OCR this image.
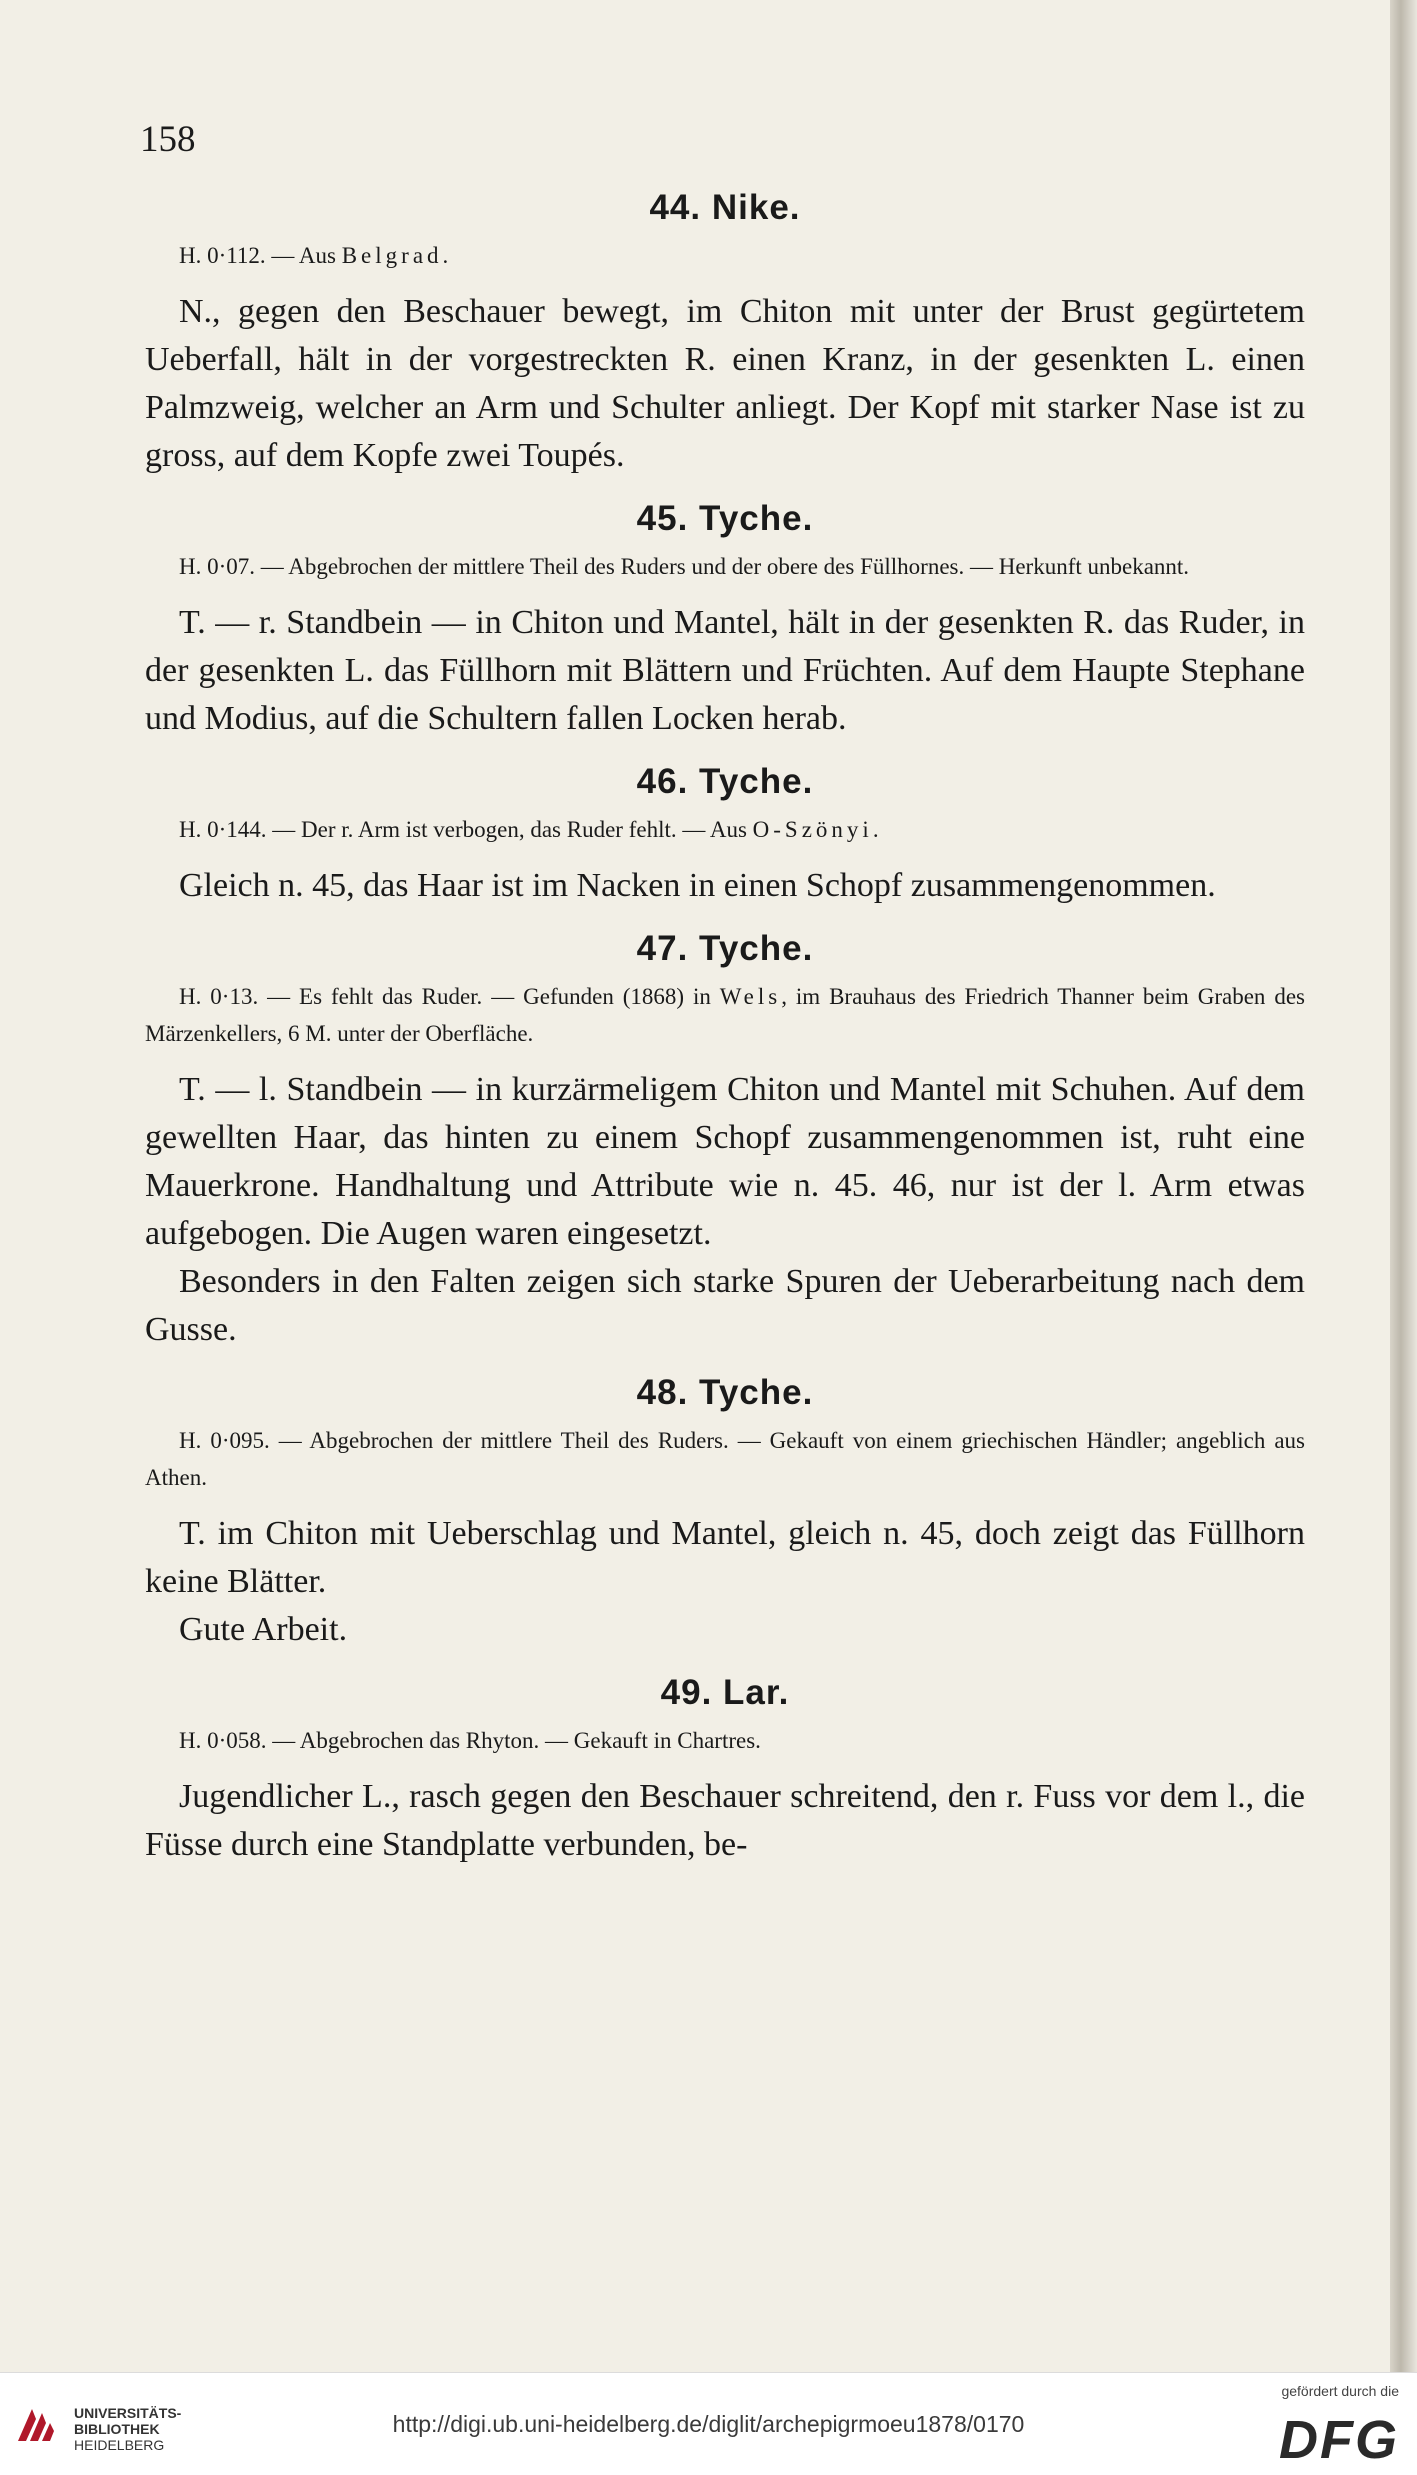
158
44. Nike.

H. 0·112. — Aus Belgrad.

N., gegen den Beschauer bewegt, im Chiton mit unter der Brust gegürtetem Ueberfall, hält in der vorgestreckten R. einen Kranz, in der gesenkten L. einen Palmzweig, welcher an Arm und Schulter anliegt. Der Kopf mit starker Nase ist zu gross, auf dem Kopfe zwei Toupés.

45. Tyche.

H. 0·07. — Abgebrochen der mittlere Theil des Ruders und der obere des Füllhornes. — Herkunft unbekannt.

T. — r. Standbein — in Chiton und Mantel, hält in der gesenkten R. das Ruder, in der gesenkten L. das Füllhorn mit Blättern und Früchten. Auf dem Haupte Stephane und Modius, auf die Schultern fallen Locken herab.

46. Tyche.

H. 0·144. — Der r. Arm ist verbogen, das Ruder fehlt. — Aus O-Szönyi.

Gleich n. 45, das Haar ist im Nacken in einen Schopf zusammengenommen.

47. Tyche.

H. 0·13. — Es fehlt das Ruder. — Gefunden (1868) in Wels, im Brauhaus des Friedrich Thanner beim Graben des Märzenkellers, 6 M. unter der Oberfläche.

T. — l. Standbein — in kurzärmeligem Chiton und Mantel mit Schuhen. Auf dem gewellten Haar, das hinten zu einem Schopf zusammengenommen ist, ruht eine Mauerkrone. Handhaltung und Attribute wie n. 45. 46, nur ist der l. Arm etwas aufgebogen. Die Augen waren eingesetzt.

Besonders in den Falten zeigen sich starke Spuren der Ueberarbeitung nach dem Gusse.

48. Tyche.

H. 0·095. — Abgebrochen der mittlere Theil des Ruders. — Gekauft von einem griechischen Händler; angeblich aus Athen.

T. im Chiton mit Ueberschlag und Mantel, gleich n. 45, doch zeigt das Füllhorn keine Blätter.

Gute Arbeit.

49. Lar.

H. 0·058. — Abgebrochen das Rhyton. — Gekauft in Chartres.

Jugendlicher L., rasch gegen den Beschauer schreitend, den r. Fuss vor dem l., die Füsse durch eine Standplatte verbunden, be-

UNIVERSITÄTS-
BIBLIOTHEK
HEIDELBERG
http://digi.ub.uni-heidelberg.de/diglit/archepigrmoeu1878/0170
gefördert durch die
DFG
